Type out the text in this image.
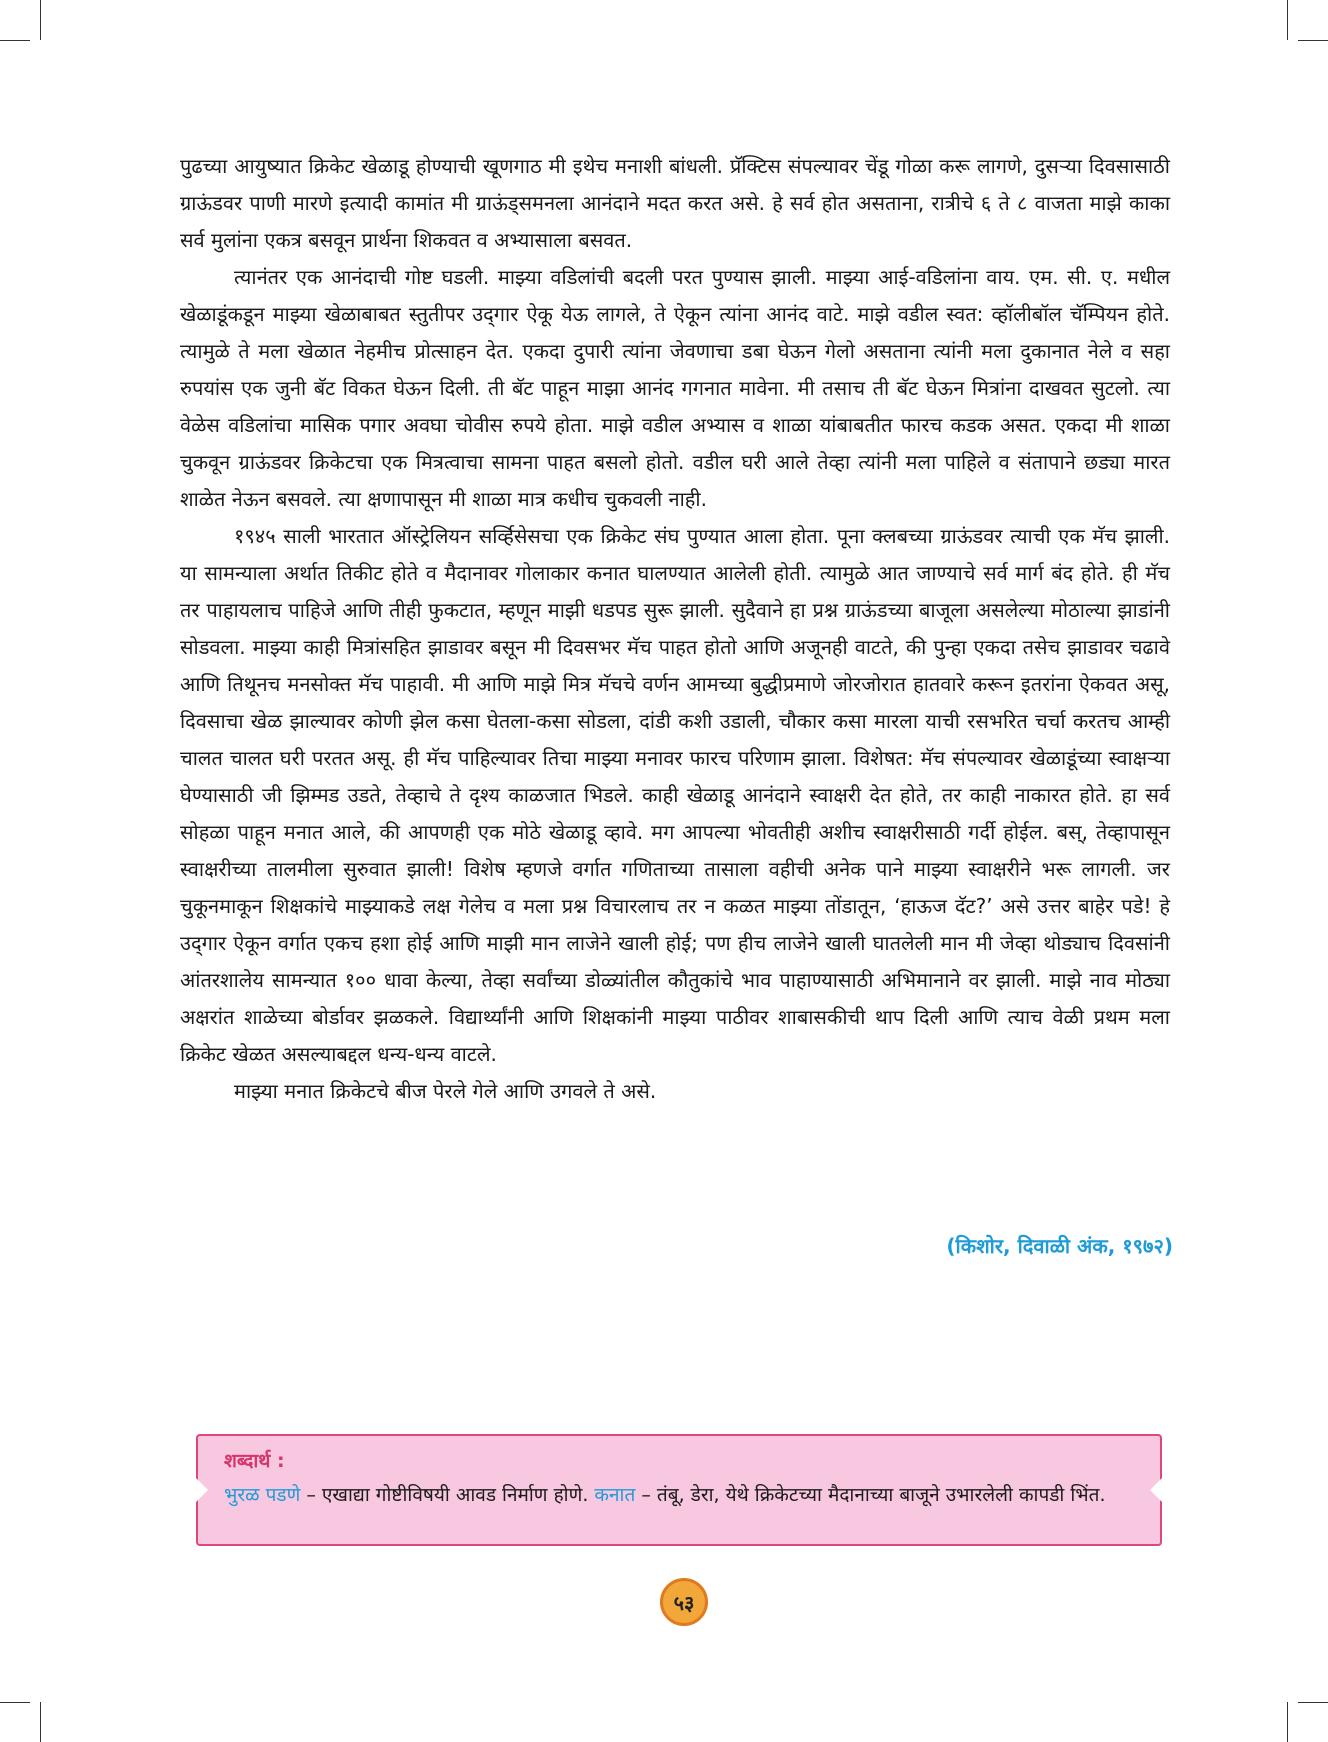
पुढच्या आयुष्यात क्रिकेट खेळाडू होण्याची खूणगाठ मी इथेच मनाशी बांधली. प्रॅक्टिस संपल्यावर चेंडू गोळा करू लागणे, दुसऱ्या दिवसासाठी ग्राऊंडवर पाणी मारणे इत्यादी कामांत मी ग्राऊंड्समनला आनंदाने मदत करत असे. हे सर्व होत असताना, रात्रीचे ६ ते ८ वाजता माझे काका सर्व मुलांना एकत्र बसवून प्रार्थना शिकवत व अभ्यासाला बसवत.

त्यानंतर एक आनंदाची गोष्ट घडली. माझ्या वडिलांची बदली परत पुण्यास झाली. माझ्या आई-वडिलांना वाय. एम. सी. ए. मधील खेळाडूंकडून माझ्या खेळाबाबत स्तुतीपर उद्‌गार ऐकू येऊ लागले, ते ऐकून त्यांना आनंद वाटे. माझे वडील स्वत: व्हॉलीबॉल चॅम्पियन होते. त्यामुळे ते मला खेळात नेहमीच प्रोत्साहन देत. एकदा दुपारी त्यांना जेवणाचा डबा घेऊन गेलो असताना त्यांनी मला दुकानात नेले व सहा रुपयांस एक जुनी बॅट विकत घेऊन दिली. ती बॅट पाहून माझा आनंद गगनात मावेना. मी तसाच ती बॅट घेऊन मित्रांना दाखवत सुटलो. त्या वेळेस वडिलांचा मासिक पगार अवघा चोवीस रुपये होता. माझे वडील अभ्यास व शाळा यांबाबतीत फारच कडक असत. एकदा मी शाळा चुकवून ग्राऊंडवर क्रिकेटचा एक मित्रत्वाचा सामना पाहत बसलो होतो. वडील घरी आले तेव्हा त्यांनी मला पाहिले व संतापाने छड्या मारत शाळेत नेऊन बसवले. त्या क्षणापासून मी शाळा मात्र कधीच चुकवली नाही.

१९४५ साली भारतात ऑस्ट्रेलियन सर्व्हिसेसचा एक क्रिकेट संघ पुण्यात आला होता. पूना क्लबच्या ग्राऊंडवर त्याची एक मॅच झाली. या सामन्याला अर्थात तिकीट होते व मैदानावर गोलाकार कनात घालण्यात आलेली होती. त्यामुळे आत जाण्याचे सर्व मार्ग बंद होते. ही मॅच तर पाहायलाच पाहिजे आणि तीही फुकटात, म्हणून माझी धडपड सुरू झाली. सुदैवाने हा प्रश्न ग्राऊंडच्या बाजूला असलेल्या मोठाल्या झाडांनी सोडवला. माझ्या काही मित्रांसहित झाडावर बसून मी दिवसभर मॅच पाहत होतो आणि अजूनही वाटते, की पुन्हा एकदा तसेच झाडावर चढावे आणि तिथूनच मनसोक्त मॅच पाहावी. मी आणि माझे मित्र मॅचचे वर्णन आमच्या बुद्धीप्रमाणे जोरजोरात हातवारे करून इतरांना ऐकवत असू, दिवसाचा खेळ झाल्यावर कोणी झेल कसा घेतला-कसा सोडला, दांडी कशी उडाली, चौकार कसा मारला याची रसभरित चर्चा करतच आम्ही चालत चालत घरी परतत असू. ही मॅच पाहिल्यावर तिचा माझ्या मनावर फारच परिणाम झाला. विशेषत: मॅच संपल्यावर खेळाडूंच्या स्वाक्षऱ्या घेण्यासाठी जी झिम्मड उडते, तेव्हाचे ते दृश्य काळजात भिडले. काही खेळाडू आनंदाने स्वाक्षरी देत होते, तर काही नाकारत होते. हा सर्व सोहळा पाहून मनात आले, की आपणही एक मोठे खेळाडू व्हावे. मग आपल्या भोवतीही अशीच स्वाक्षरीसाठी गर्दी होईल. बस्, तेव्हापासून स्वाक्षरीच्या तालमीला सुरुवात झाली! विशेष म्हणजे वर्गात गणिताच्या तासाला वहीची अनेक पाने माझ्या स्वाक्षरीने भरू लागली. जर चुकूनमाकून शिक्षकांचे माझ्याकडे लक्ष गेलेच व मला प्रश्न विचारलाच तर न कळत माझ्या तोंडातून, ‘हाऊज दॅट?’ असे उत्तर बाहेर पडे! हे उद्‌गार ऐकून वर्गात एकच हशा होई आणि माझी मान लाजेने खाली होई; पण हीच लाजेने खाली घातलेली मान मी जेव्हा थोड्याच दिवसांनी आंतरशालेय सामन्यात १०० धावा केल्या, तेव्हा सर्वांच्या डोळ्यांतील कौतुकांचे भाव पाहाण्यासाठी अभिमानाने वर झाली. माझे नाव मोठ्या अक्षरांत शाळेच्या बोर्डावर झळकले. विद्यार्थ्यांनी आणि शिक्षकांनी माझ्या पाठीवर शाबासकीची थाप दिली आणि त्याच वेळी प्रथम मला क्रिकेट खेळत असल्याबद्दल धन्य-धन्य वाटले.

माझ्या मनात क्रिकेटचे बीज पेरले गेले आणि उगवले ते असे.

(किशोर, दिवाळी अंक, १९७२)
शब्दार्थ :
भुरळ पडणे – एखाद्या गोष्टीविषयी आवड निर्माण होणे. कनात – तंबू, डेरा, येथे क्रिकेटच्या मैदानाच्या बाजूने उभारलेली कापडी भिंत.
५३
